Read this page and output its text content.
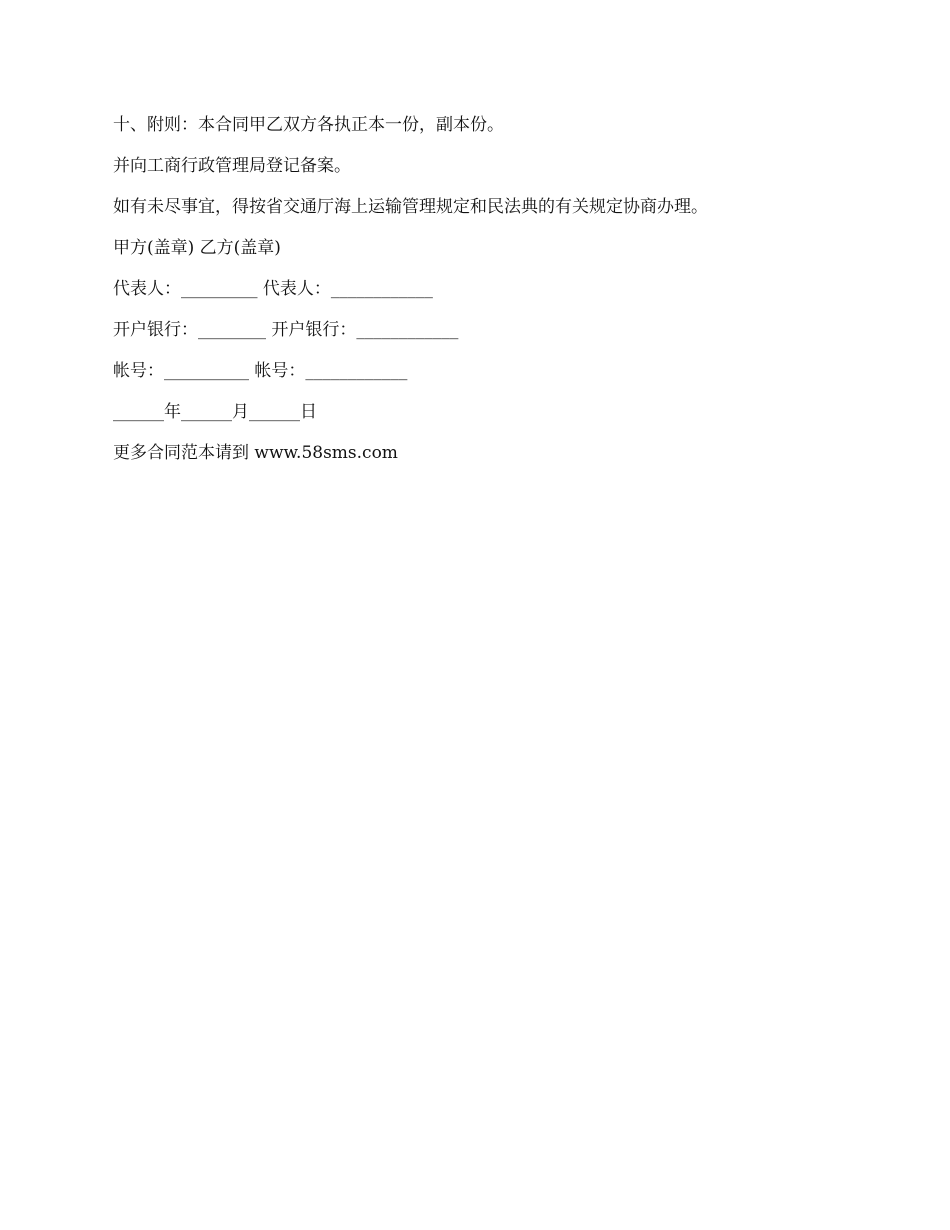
十、附则：本合同甲乙双方各执正本一份，副本份。

并向工商行政管理局登记备案。

如有未尽事宜，得按省交通厅海上运输管理规定和民法典的有关规定协商办理。

甲方(盖章) 乙方(盖章)

代表人：_________ 代表人：____________

开户银行：________ 开户银行：____________

帐号：__________ 帐号：____________

______年______月______日

更多合同范本请到 www.58sms.com
